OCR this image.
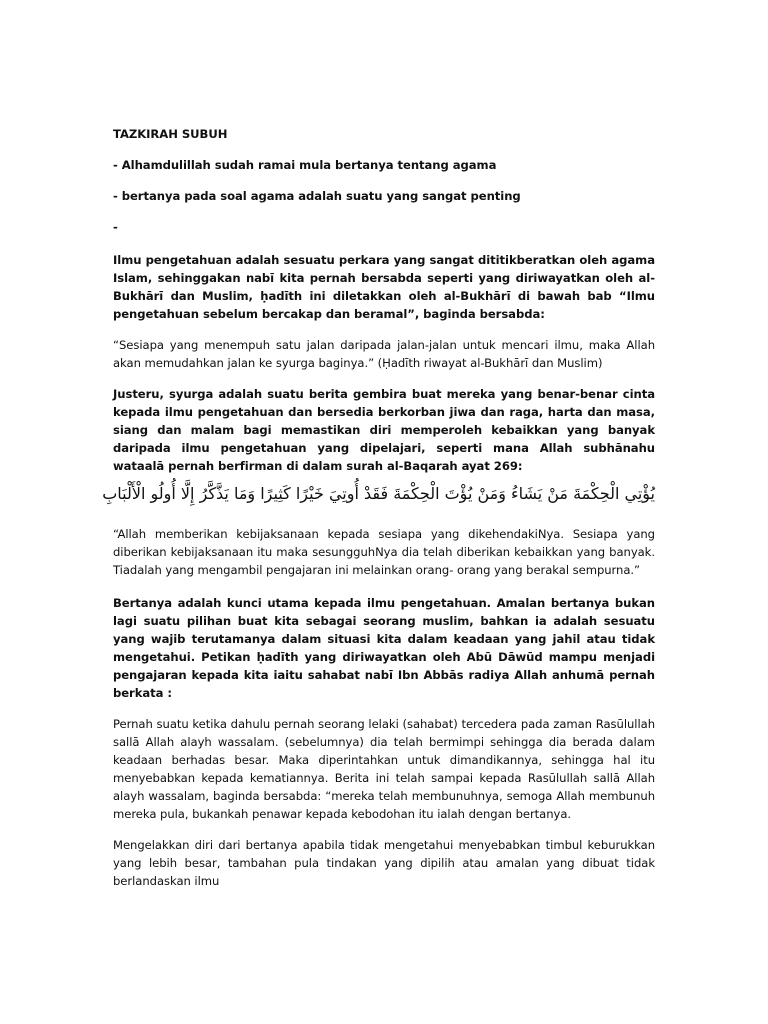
TAZKIRAH SUBUH

- Alhamdulillah sudah ramai mula bertanya tentang agama

- bertanya pada soal agama adalah suatu yang sangat penting

-

Ilmu pengetahuan adalah sesuatu perkara yang sangat dititikberatkan oleh agama Islam, sehinggakan nabī kita pernah bersabda seperti yang diriwayatkan oleh al-Bukhārī dan Muslim, ḥadīth ini diletakkan oleh al-Bukhārī di bawah bab “Ilmu pengetahuan sebelum bercakap dan beramal”, baginda bersabda:

“Sesiapa yang menempuh satu jalan daripada jalan-jalan untuk mencari ilmu, maka Allah akan memudahkan jalan ke syurga baginya.” (Ḥadīth riwayat al-Bukhārī dan Muslim)

Justeru, syurga adalah suatu berita gembira buat mereka yang benar-benar cinta kepada ilmu pengetahuan dan bersedia berkorban jiwa dan raga, harta dan masa, siang dan malam bagi memastikan diri memperoleh kebaikkan yang banyak daripada ilmu pengetahuan yang dipelajari, seperti mana Allah subhānahu wataalā pernah berfirman di dalam surah al-Baqarah ayat 269:

يُؤْتِي الْحِكْمَةَ مَنْ يَشَاءُ وَمَنْ يُؤْتَ الْحِكْمَةَ فَقَدْ أُوتِيَ خَيْرًا كَثِيرًا وَمَا يَذَّكَّرُ إِلَّا أُولُو الْأَلْبَابِ

“Allah memberikan kebijaksanaan kepada sesiapa yang dikehendakiNya. Sesiapa yang diberikan kebijaksanaan itu maka sesungguhNya dia telah diberikan kebaikkan yang banyak. Tiadalah yang mengambil pengajaran ini melainkan orang- orang yang berakal sempurna.”

Bertanya adalah kunci utama kepada ilmu pengetahuan. Amalan bertanya bukan lagi suatu pilihan buat kita sebagai seorang muslim, bahkan ia adalah sesuatu yang wajib terutamanya dalam situasi kita dalam keadaan yang jahil atau tidak mengetahui. Petikan ḥadīth yang diriwayatkan oleh Abū Dāwūd mampu menjadi pengajaran kepada kita iaitu sahabat nabī Ibn Abbās radiya Allah anhumā pernah berkata :

Pernah suatu ketika dahulu pernah seorang lelaki (sahabat) tercedera pada zaman Rasūlullah sallā Allah alayh wassalam. (sebelumnya) dia telah bermimpi sehingga dia berada dalam keadaan berhadas besar. Maka diperintahkan untuk dimandikannya, sehingga hal itu menyebabkan kepada kematiannya. Berita ini telah sampai kepada Rasūlullah sallā Allah alayh wassalam, baginda bersabda: “mereka telah membunuhnya, semoga Allah membunuh mereka pula, bukankah penawar kepada kebodohan itu ialah dengan bertanya.

Mengelakkan diri dari bertanya apabila tidak mengetahui menyebabkan timbul keburukkan yang lebih besar, tambahan pula tindakan yang dipilih atau amalan yang dibuat tidak berlandaskan ilmu
